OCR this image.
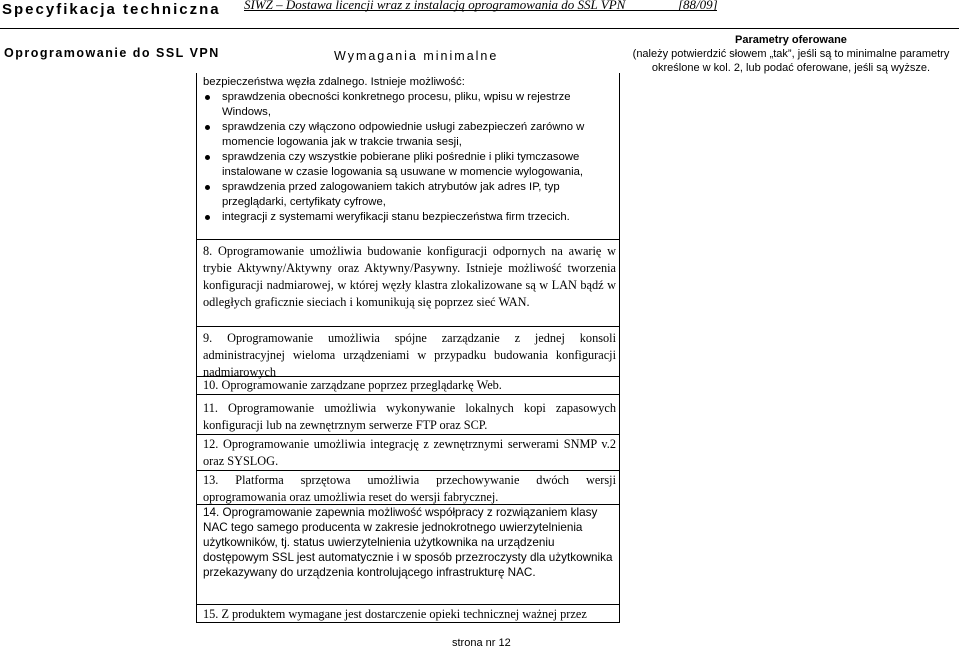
Specyfikacja techniczna SIWZ – Dostawa licencji wraz z instalacją oprogramowania do SSL VPN	[88/09]
Oprogramowanie do SSL VPN	Wymagania minimalne
Parametry oferowane
(należy potwierdzić słowem „tak”, jeśli są to minimalne parametry określone w kol. 2, lub podać oferowane, jeśli są wyższe.

bezpieczeństwa węzła zdalnego. Istnieje możliwość:

sprawdzenia obecności konkretnego procesu, pliku, wpisu w rejestrze Windows,
sprawdzenia czy włączono odpowiednie usługi zabezpieczeń zarówno w momencie logowania jak w trakcie trwania sesji,
sprawdzenia czy wszystkie pobierane pliki pośrednie i pliki tymczasowe instalowane w czasie logowania są usuwane w momencie wylogowania,
sprawdzenia przed zalogowaniem takich atrybutów jak adres IP, typ przeglądarki, certyfikaty cyfrowe,
integracji z systemami weryfikacji stanu bezpieczeństwa firm trzecich.
8. Oprogramowanie umożliwia budowanie konfiguracji odpornych na awarię w trybie Aktywny/Aktywny oraz Aktywny/Pasywny. Istnieje możliwość tworzenia konfiguracji nadmiarowej, w której węzły klastra zlokalizowane są w LAN bądź w odległych graficznie sieciach i komunikują się poprzez sieć WAN.
9. Oprogramowanie umożliwia spójne zarządzanie z jednej konsoli administracyjnej wieloma urządzeniami w przypadku budowania konfiguracji nadmiarowych
10. Oprogramowanie zarządzane poprzez przeglądarkę Web.
11. Oprogramowanie umożliwia wykonywanie lokalnych kopi zapasowych konfiguracji lub na zewnętrznym serwerze FTP oraz SCP.
12. Oprogramowanie umożliwia integrację z zewnętrznymi serwerami SNMP v.2 oraz SYSLOG.
13. Platforma sprzętowa umożliwia przechowywanie dwóch wersji oprogramowania oraz umożliwia reset do wersji fabrycznej.
14. Oprogramowanie zapewnia możliwość współpracy z rozwiązaniem klasy NAC tego samego producenta w zakresie jednokrotnego uwierzytelnienia użytkowników, tj. status uwierzytelnienia użytkownika na urządzeniu dostępowym SSL jest automatycznie i w sposób przezroczysty dla użytkownika przekazywany do urządzenia kontrolującego infrastrukturę NAC.
15. Z produktem wymagane jest dostarczenie opieki technicznej ważnej przez
strona nr 12
